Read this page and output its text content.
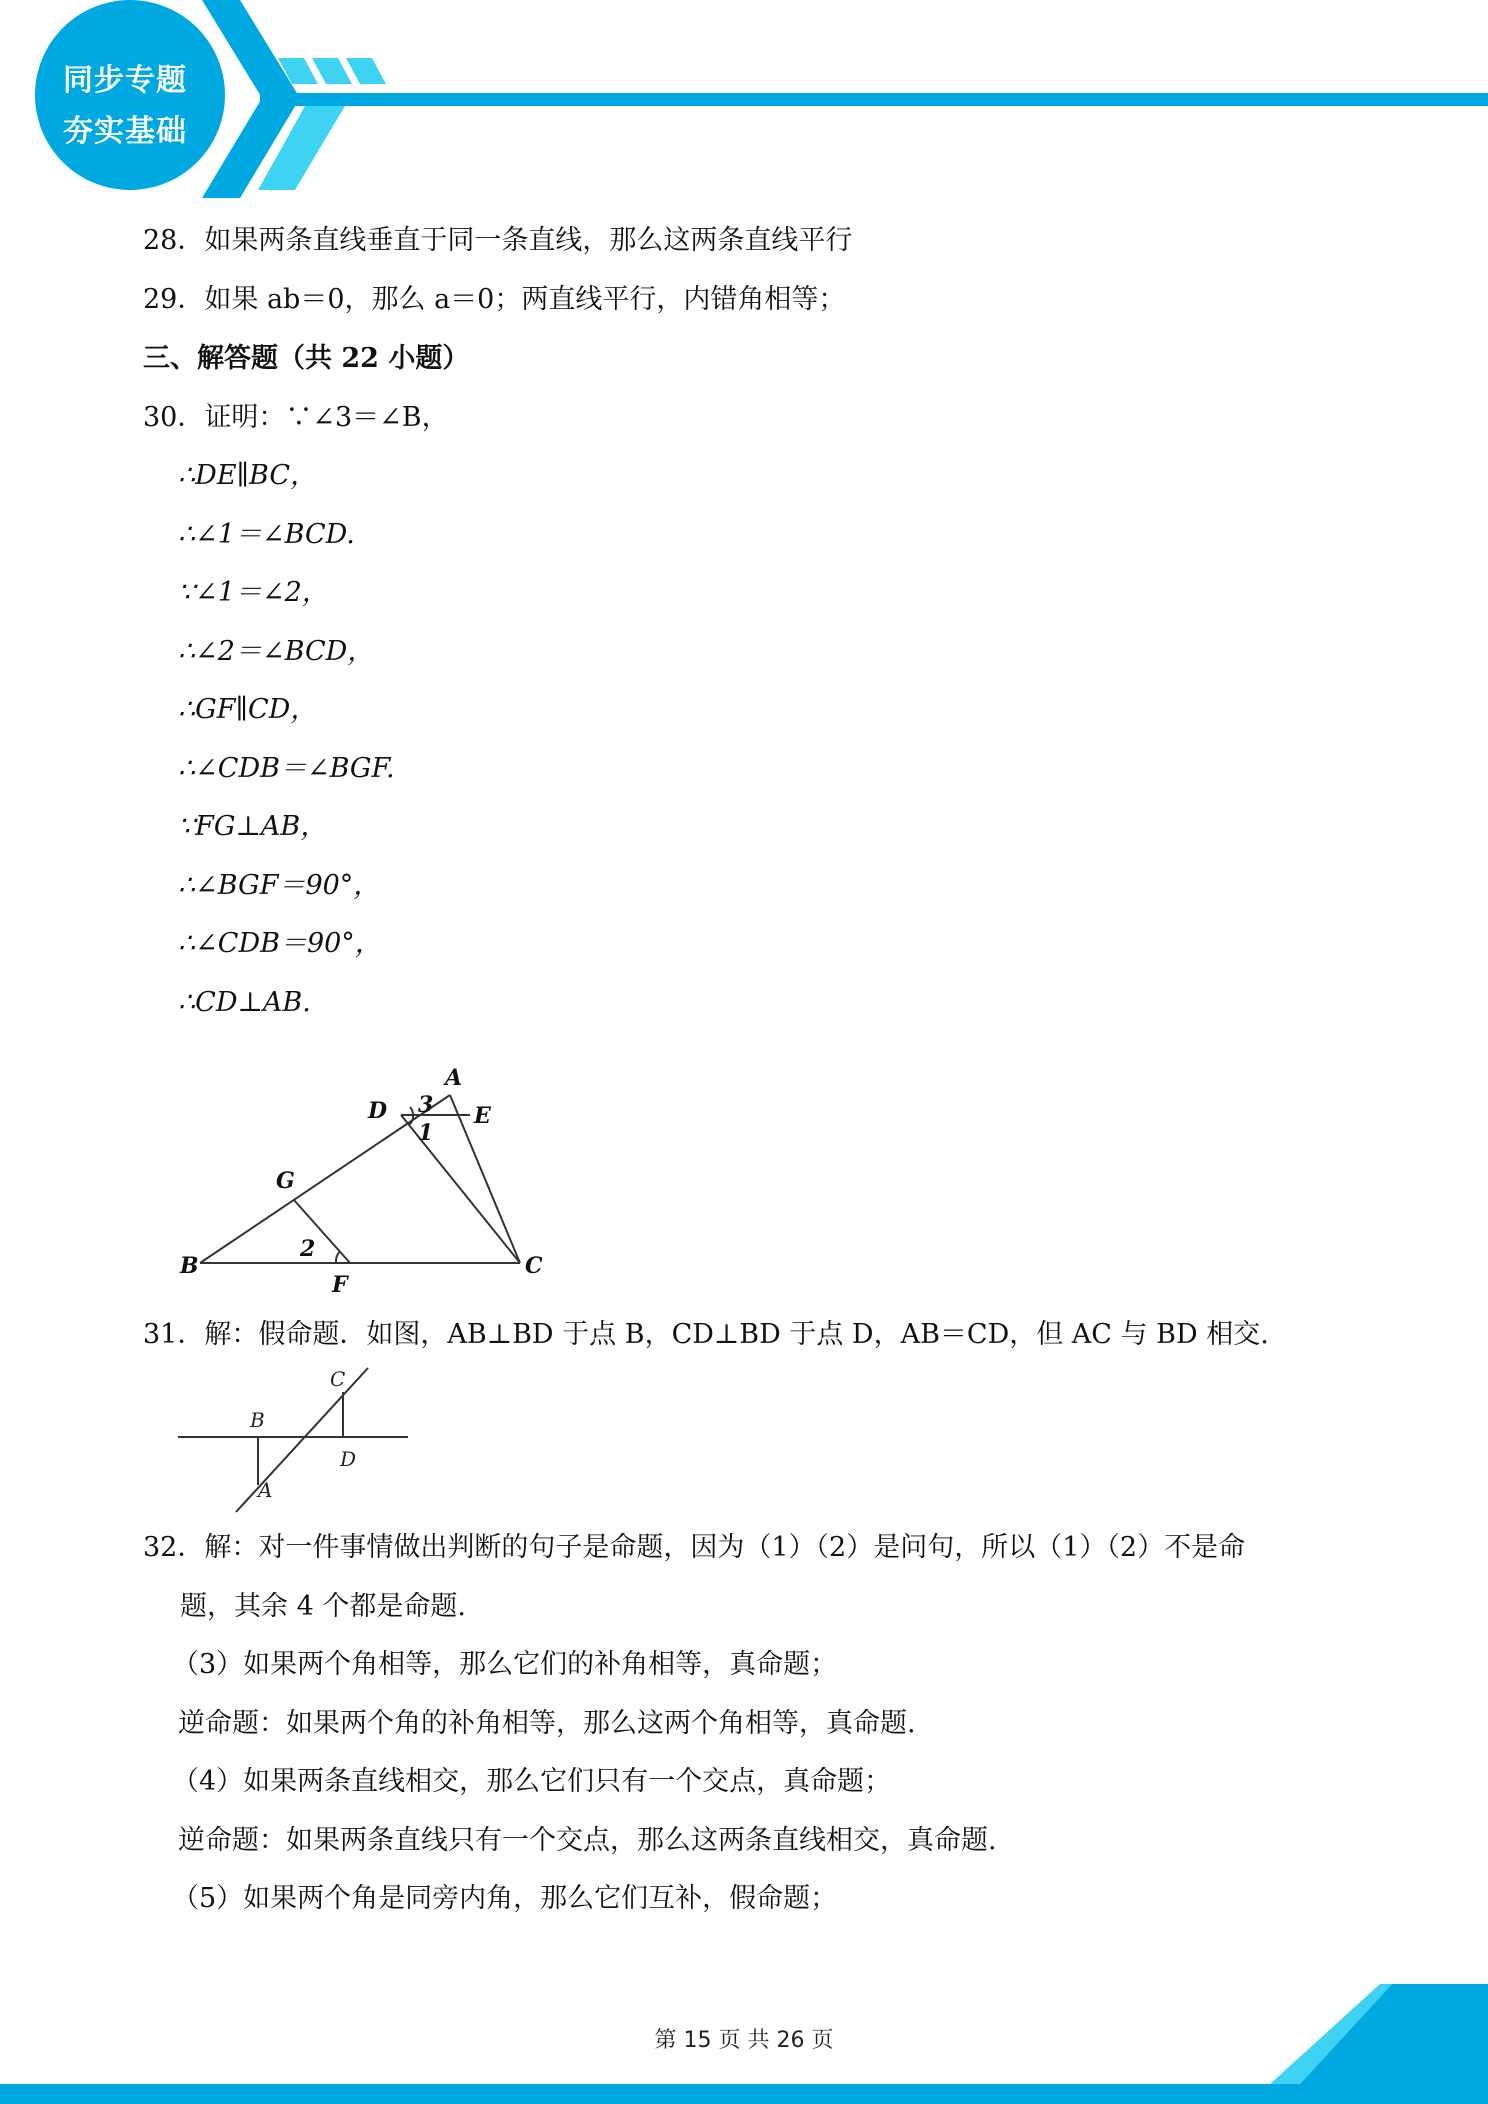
同步专题
夯实基础
28．如果两条直线垂直于同一条直线，那么这两条直线平行
29．如果 ab＝0，那么 a＝0；两直线平行，内错角相等；
三、解答题（共 22 小题）
30．证明：∵∠3＝∠B，
∴DE∥BC，
∴∠1＝∠BCD.
∵∠1＝∠2，
∴∠2＝∠BCD，
∴GF∥CD，
∴∠CDB＝∠BGF.
∵FG⊥AB，
∴∠BGF＝90°，
∴∠CDB＝90°，
∴CD⊥AB.
A
D	E
3
1
G
2
B
F
C
31．解：假命题．如图，AB⊥BD 于点 B，CD⊥BD 于点 D，AB＝CD，但 AC 与 BD 相交.
B
C
D
A
32．解：对一件事情做出判断的句子是命题，因为（1）（2）是问句，所以（1）（2）不是命
题，其余 4 个都是命题.
（3）如果两个角相等，那么它们的补角相等，真命题；
逆命题：如果两个角的补角相等，那么这两个角相等，真命题.
（4）如果两条直线相交，那么它们只有一个交点，真命题；
逆命题：如果两条直线只有一个交点，那么这两条直线相交，真命题.
（5）如果两个角是同旁内角，那么它们互补，假命题；
第 15 页 共 26 页
